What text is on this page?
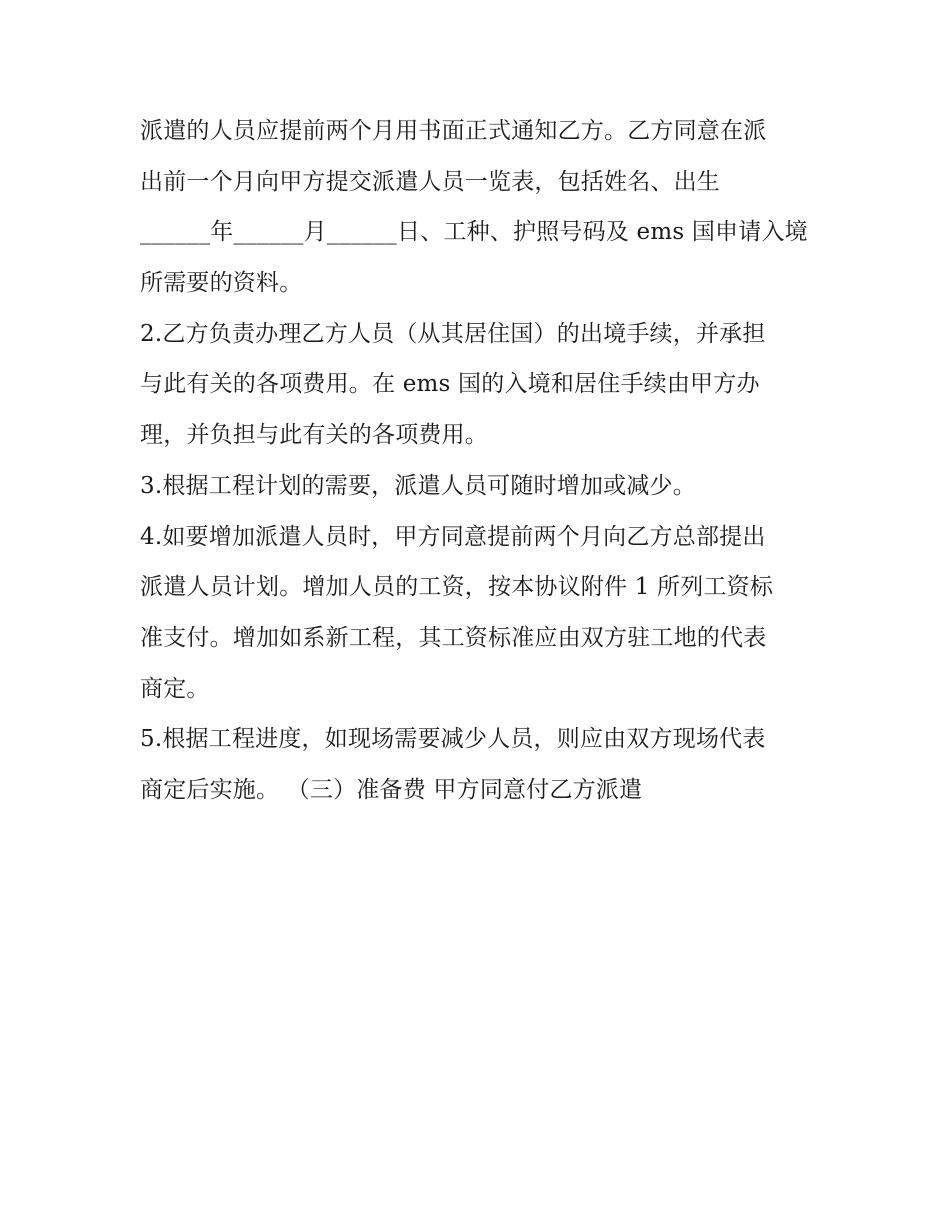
派遣的人员应提前两个月用书面正式通知乙方。乙方同意在派
出前一个月向甲方提交派遣人员一览表，包括姓名、出生
______年______月______日、工种、护照号码及 ems 国申请入境
所需要的资料。
2.乙方负责办理乙方人员（从其居住国）的出境手续，并承担
与此有关的各项费用。在 ems 国的入境和居住手续由甲方办
理，并负担与此有关的各项费用。
3.根据工程计划的需要，派遣人员可随时增加或减少。
4.如要增加派遣人员时，甲方同意提前两个月向乙方总部提出
派遣人员计划。增加人员的工资，按本协议附件 1 所列工资标
准支付。增加如系新工程，其工资标准应由双方驻工地的代表
商定。
5.根据工程进度，如现场需要减少人员，则应由双方现场代表
商定后实施。 （三）准备费 甲方同意付乙方派遣
